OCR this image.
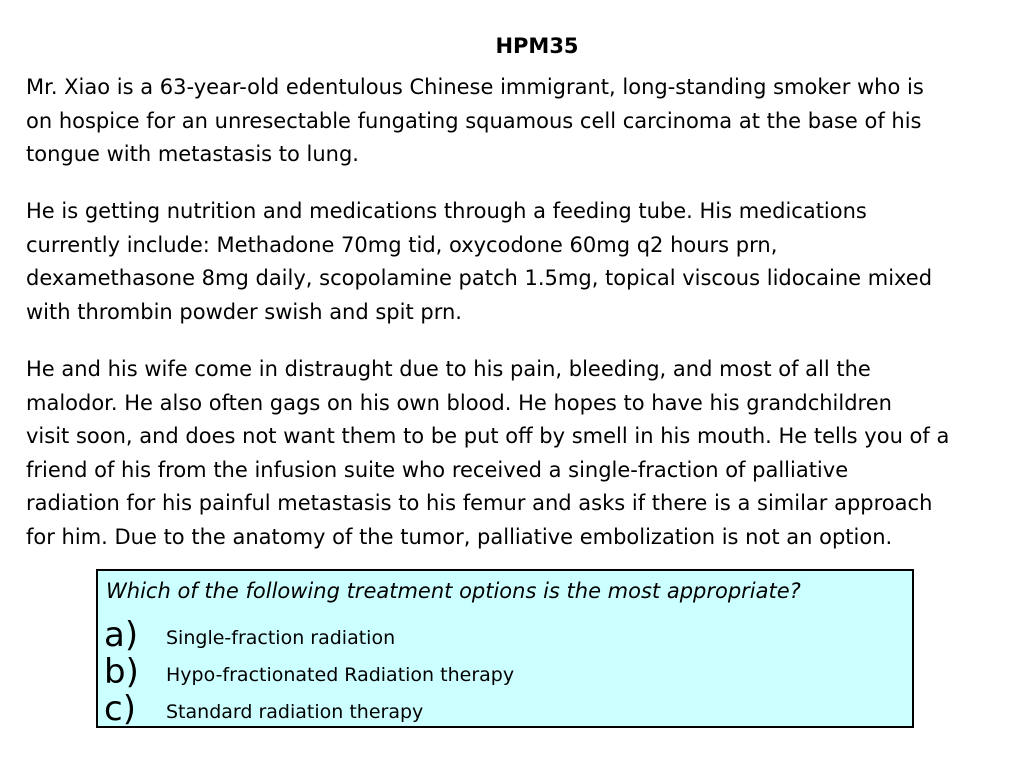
HPM35

Mr. Xiao is a 63-year-old edentulous Chinese immigrant, long-standing smoker who is
on hospice for an unresectable fungating squamous cell carcinoma at the base of his
tongue with metastasis to lung.

He is getting nutrition and medications through a feeding tube. His medications
currently include: Methadone 70mg tid, oxycodone 60mg q2 hours prn,
dexamethasone 8mg daily, scopolamine patch 1.5mg, topical viscous lidocaine mixed
with thrombin powder swish and spit prn.

He and his wife come in distraught due to his pain, bleeding, and most of all the
malodor. He also often gags on his own blood. He hopes to have his grandchildren
visit soon, and does not want them to be put off by smell in his mouth. He tells you of a
friend of his from the infusion suite who received a single-fraction of palliative
radiation for his painful metastasis to his femur and asks if there is a similar approach
for him. Due to the anatomy of the tumor, palliative embolization is not an option.

Which of the following treatment options is the most appropriate?
a) Single-fraction radiation
b) Hypo-fractionated Radiation therapy
c) Standard radiation therapy
